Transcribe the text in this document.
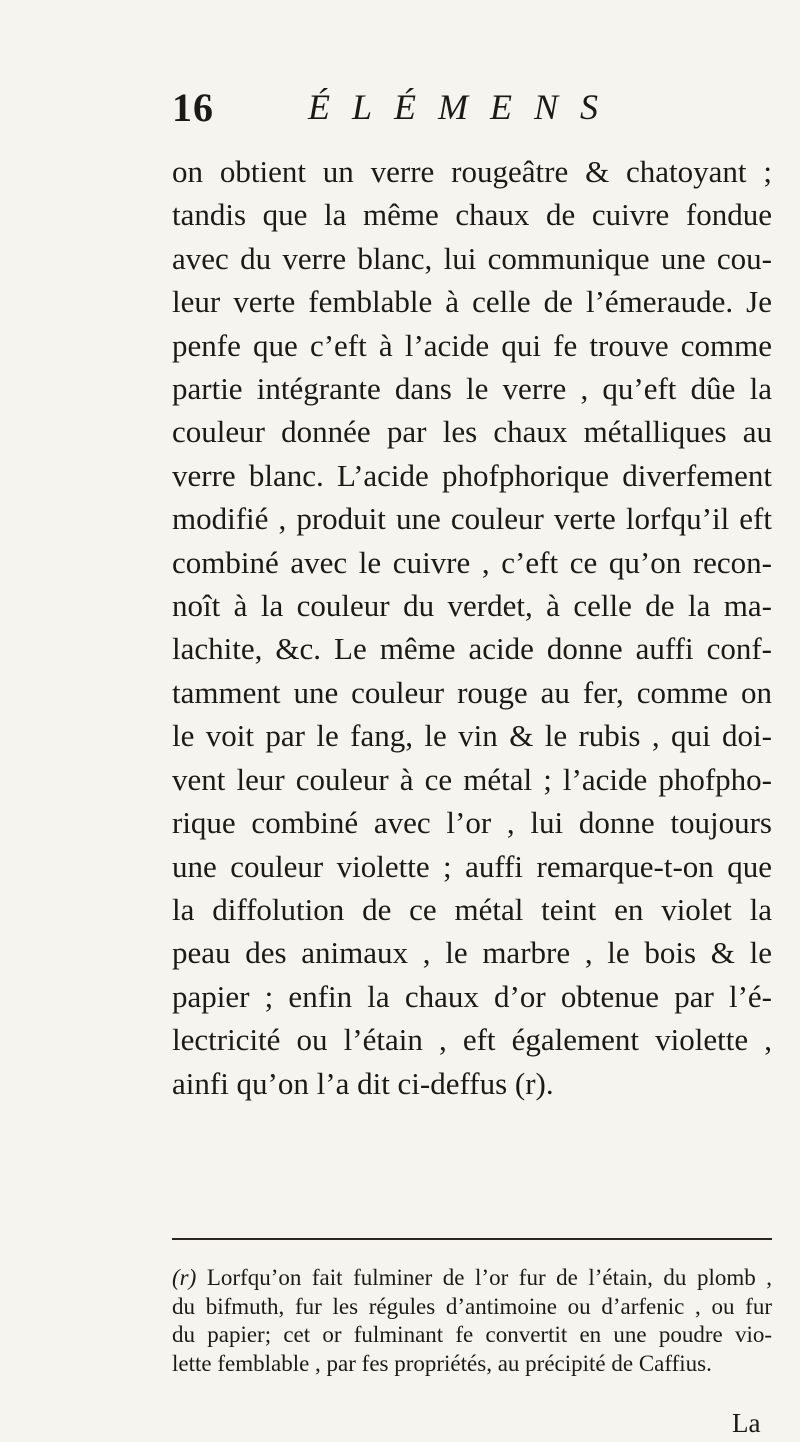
16	ÉLÉMENS
on obtient un verre rougeâtre & chatoyant ;
tandis que la même chaux de cuivre fondue
avec du verre blanc, lui communique une cou-
leur verte femblable à celle de l’émeraude. Je
penfe que c’eft à l’acide qui fe trouve comme
partie intégrante dans le verre , qu’eft dûe la
couleur donnée par les chaux métalliques au
verre blanc. L’acide phofphorique diverfement
modifié , produit une couleur verte lorfqu’il eft
combiné avec le cuivre , c’eft ce qu’on recon-
noît à la couleur du verdet, à celle de la ma-
lachite, &c. Le même acide donne auffi conf-
tamment une couleur rouge au fer, comme on
le voit par le fang, le vin & le rubis , qui doi-
vent leur couleur à ce métal ; l’acide phofpho-
rique combiné avec l’or , lui donne toujours
une couleur violette ; auffi remarque-t-on que
la diffolution de ce métal teint en violet la
peau des animaux , le marbre , le bois & le
papier ; enfin la chaux d’or obtenue par l’é-
lectricité ou l’étain , eft également violette ,
ainfi qu’on l’a dit ci-deffus (r).
(r) Lorfqu’on fait fulminer de l’or fur de l’étain, du plomb ,
du bifmuth, fur les régules d’antimoine ou d’arfenic , ou fur
du papier; cet or fulminant fe convertit en une poudre vio-
lette femblable , par fes propriétés, au précipité de Caffius.
La
